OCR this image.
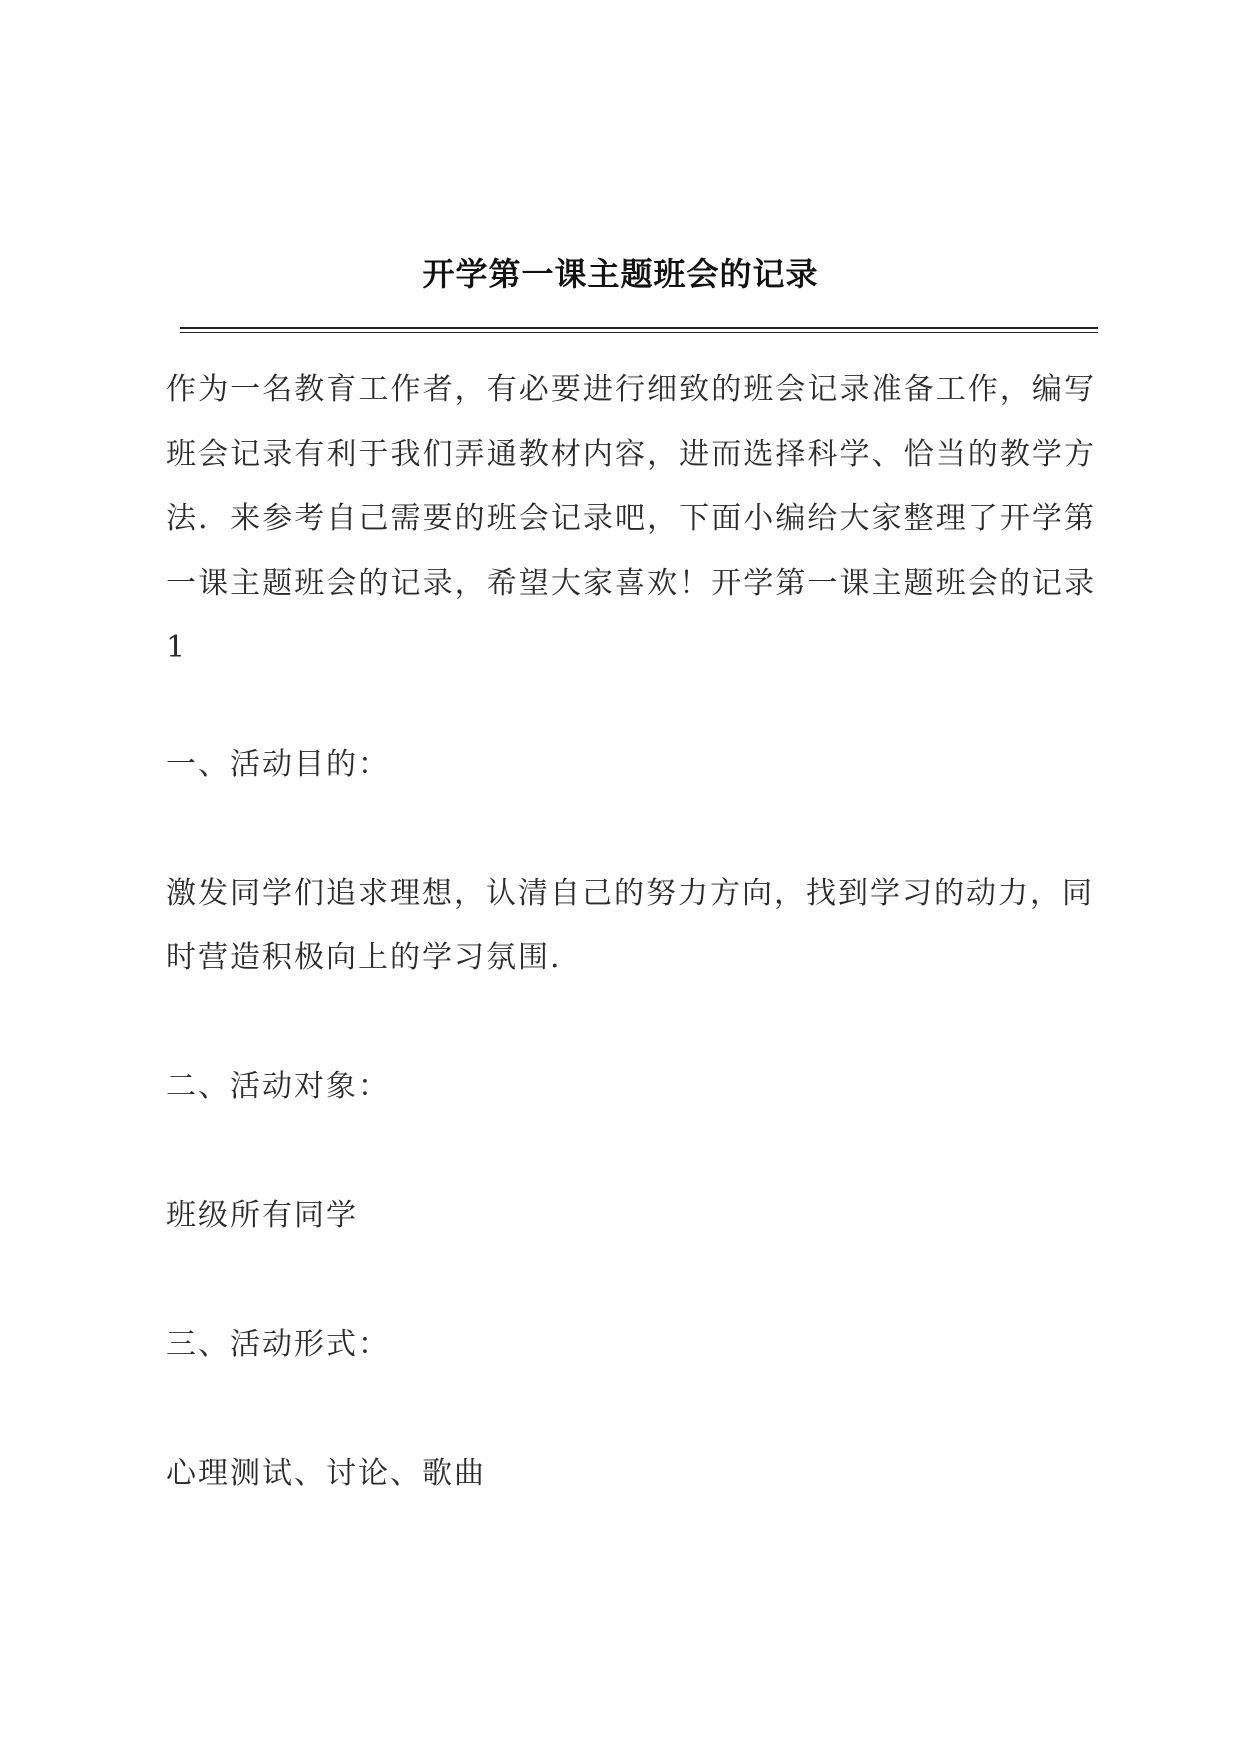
开学第一课主题班会的记录

作为一名教育工作者，有必要进行细致的班会记录准备工作，编写班会记录有利于我们弄通教材内容，进而选择科学、恰当的教学方法．来参考自己需要的班会记录吧，下面小编给大家整理了开学第一课主题班会的记录，希望大家喜欢！开学第一课主题班会的记录 1

一、活动目的：

激发同学们追求理想，认清自己的努力方向，找到学习的动力，同时营造积极向上的学习氛围.

二、活动对象：

班级所有同学

三、活动形式：

心理测试、讨论、歌曲
